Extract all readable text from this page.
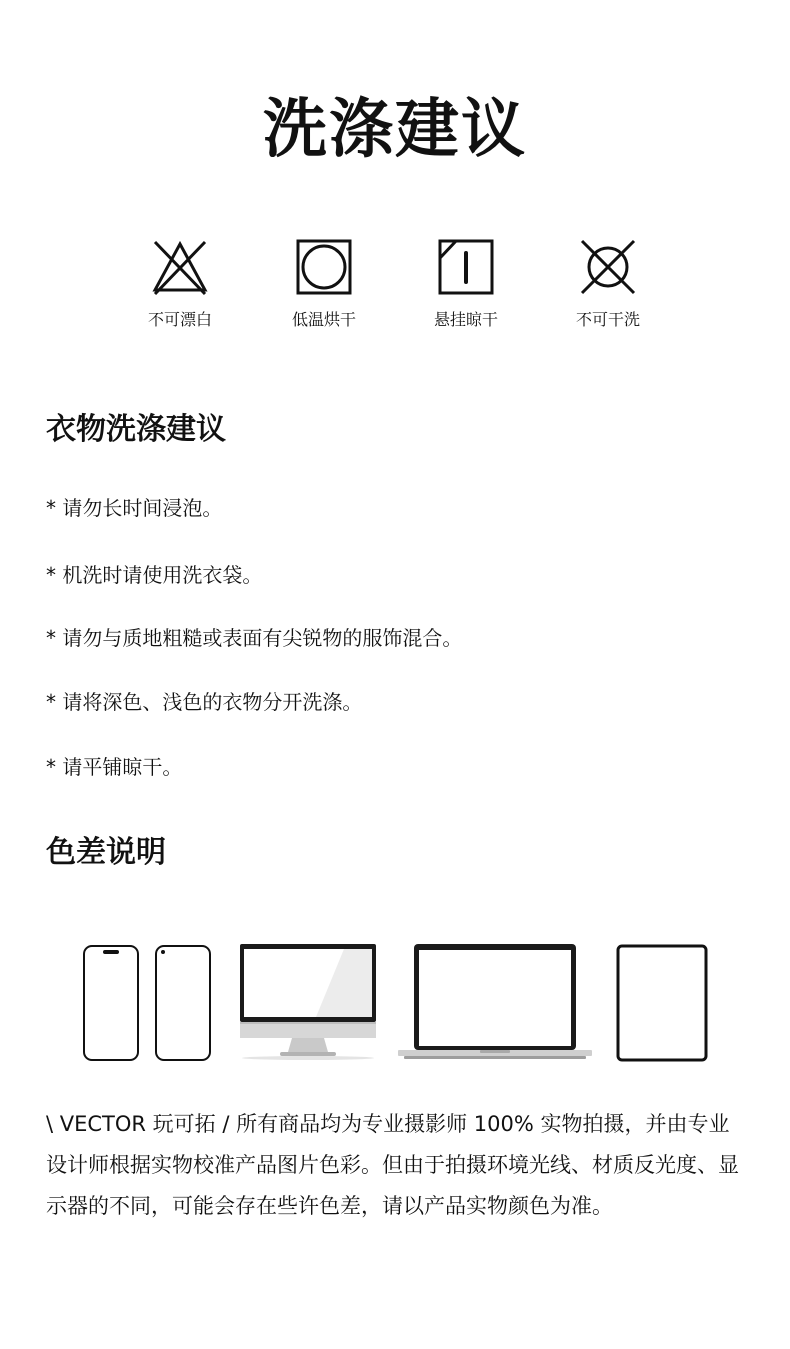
洗涤建议
不可漂白	低温烘干	悬挂晾干	不可干洗
衣物洗涤建议
* 请勿长时间浸泡。
* 机洗时请使用洗衣袋。
* 请勿与质地粗糙或表面有尖锐物的服饰混合。
* 请将深色、浅色的衣物分开洗涤。
* 请平铺晾干。
色差说明

\ VECTOR 玩可拓 / 所有商品均为专业摄影师 100% 实物拍摄，并由专业设计师根据实物校准产品图片色彩。但由于拍摄环境光线、材质反光度、显示器的不同，可能会存在些许色差，请以产品实物颜色为准。
